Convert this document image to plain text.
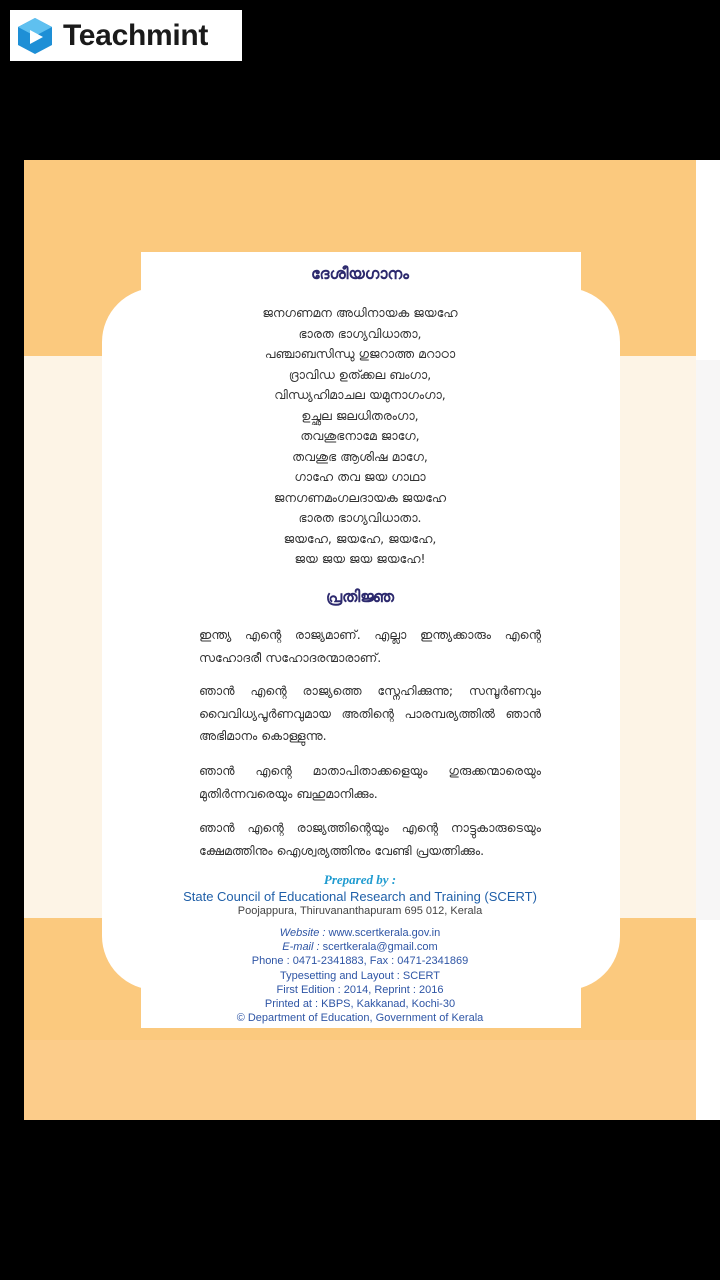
Teachmint
ദേശീയഗാനം
ജനഗണമന അധിനായക ജയഹേ
ഭാരത ഭാഗ്യവിധാതാ,
പഞ്ചാബസിന്ധു ഗുജറാത്ത മറാഠാ
ദ്രാവിഡ ഉത്ക്കല ബംഗാ,
വിന്ധ്യഹിമാചല യമുനാഗംഗാ,
ഉച്ഛല ജലധിതരംഗാ,
തവശുഭനാമേ ജാഗേ,
തവശുഭ ആശിഷ മാഗേ,
ഗാഹേ തവ ജയ ഗാഥാ
ജനഗണമംഗലദായക ജയഹേ
ഭാരത ഭാഗ്യവിധാതാ.
ജയഹേ, ജയഹേ, ജയഹേ,
ജയ ജയ ജയ ജയഹേ!
പ്രതിജ്ഞ
ഇന്ത്യ എന്റെ രാജ്യമാണ്. എല്ലാ ഇന്ത്യക്കാരും എന്റെ സഹോദരീ സഹോദരന്മാരാണ്.
ഞാൻ എന്റെ രാജ്യത്തെ സ്നേഹിക്കുന്നു; സമ്പൂർണവും വൈവിധ്യപൂർണവുമായ അതിന്റെ പാരമ്പര്യത്തിൽ ഞാൻ അഭിമാനം കൊള്ളുന്നു.
ഞാൻ എന്റെ മാതാപിതാക്കളെയും ഗുരുക്കന്മാരെയും മുതിർന്നവരെയും ബഹുമാനിക്കും.
ഞാൻ എന്റെ രാജ്യത്തിന്റെയും എന്റെ നാട്ടുകാരുടെയും ക്ഷേമത്തിനും ഐശ്വര്യത്തിനും വേണ്ടി പ്രയത്നിക്കും.
Prepared by :
State Council of Educational Research and Training (SCERT)
Poojappura, Thiruvananthapuram 695 012, Kerala
Website : www.scertkerala.gov.in
E-mail : scertkerala@gmail.com
Phone : 0471-2341883, Fax : 0471-2341869
Typesetting and Layout : SCERT
First Edition : 2014, Reprint : 2016
Printed at : KBPS, Kakkanad, Kochi-30
© Department of Education, Government of Kerala
